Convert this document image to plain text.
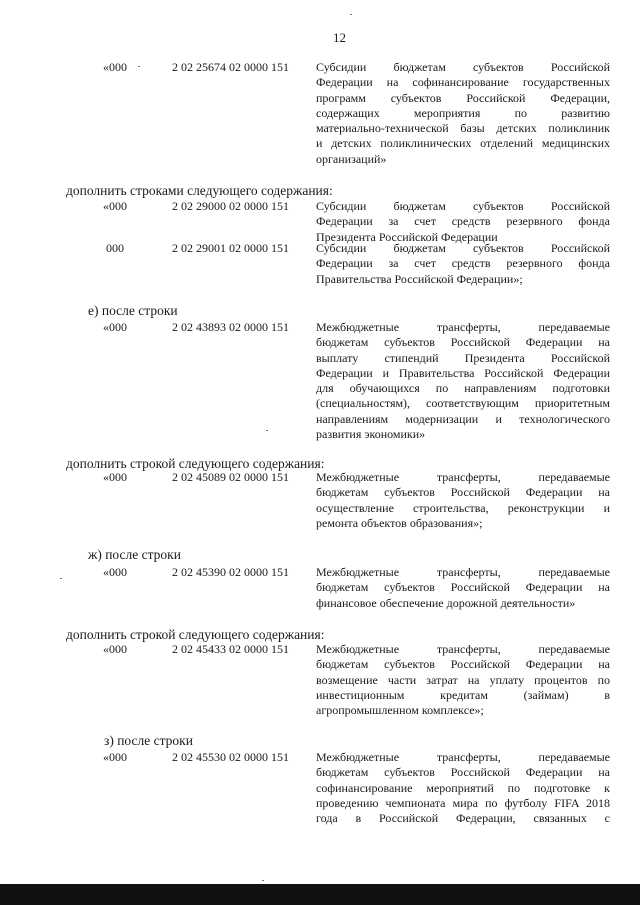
12
«000	2 02 25674 02 0000 151 Субсидии бюджетам субъектов Российской
Федерации на софинансирование государственных
программ субъектов Российской Федерации,
содержащих мероприятия по развитию
материально-технической базы детских поликлиник
и детских поликлинических отделений медицинских
организаций»
дополнить строками следующего содержания:
«000	2 02 29000 02 0000 151 Субсидии бюджетам субъектов Российской
Федерации за счет средств резервного фонда
Президента Российской Федерации
000	2 02 29001 02 0000 151 Субсидии бюджетам субъектов Российской
Федерации за счет средств резервного фонда
Правительства Российской Федерации»;
е) после строки
«000	2 02 43893 02 0000 151 Межбюджетные трансферты, передаваемые
бюджетам субъектов Российской Федерации на
выплату стипендий Президента Российской
Федерации и Правительства Российской Федерации
для обучающихся по направлениям подготовки
(специальностям), соответствующим приоритетным
направлениям модернизации и технологического
развития экономики»
дополнить строкой следующего содержания:
«000	2 02 45089 02 0000 151 Межбюджетные трансферты, передаваемые
бюджетам субъектов Российской Федерации на
осуществление строительства, реконструкции и
ремонта объектов образования»;
ж) после строки
«000	2 02 45390 02 0000 151 Межбюджетные трансферты, передаваемые
бюджетам субъектов Российской Федерации на
финансовое обеспечение дорожной деятельности»
дополнить строкой следующего содержания:
«000	2 02 45433 02 0000 151 Межбюджетные трансферты, передаваемые
бюджетам субъектов Российской Федерации на
возмещение части затрат на уплату процентов по
инвестиционным кредитам (займам) в
агропромышленном комплексе»;
з) после строки
«000	2 02 45530 02 0000 151 Межбюджетные трансферты, передаваемые
бюджетам субъектов Российской Федерации на
софинансирование мероприятий по подготовке к
проведению чемпионата мира по футболу FIFA 2018
года в Российской Федерации, связанных с
